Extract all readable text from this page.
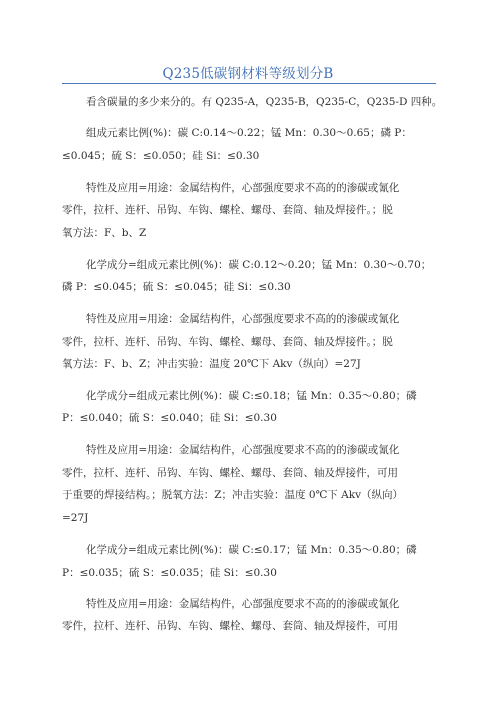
Q235低碳钢材料等级划分B
看含碳量的多少来分的。有 Q235-A，Q235-B，Q235-C，Q235-D 四种。
组成元素比例(%)：碳 C:0.14～0.22；锰 Mn：0.30～0.65；磷 P：
≤0.045；硫 S：≤0.050；硅 Si：≤0.30
特性及应用=用途：金属结构件，心部强度要求不高的的渗碳或氰化
零件，拉杆、连杆、吊钩、车钩、螺栓、螺母、套筒、轴及焊接件。；脱
氧方法：F、b、Z
化学成分=组成元素比例(%)：碳 C:0.12～0.20；锰 Mn：0.30～0.70；
磷 P：≤0.045；硫 S：≤0.045；硅 Si：≤0.30
特性及应用=用途：金属结构件，心部强度要求不高的的渗碳或氰化
零件，拉杆、连杆、吊钩、车钩、螺栓、螺母、套筒、轴及焊接件。；脱
氧方法：F、b、Z；冲击实验：温度 20℃下 Akv（纵向）=27J
化学成分=组成元素比例(%)：碳 C:≤0.18；锰 Mn：0.35～0.80；磷
P：≤0.040；硫 S：≤0.040；硅 Si：≤0.30
特性及应用=用途：金属结构件，心部强度要求不高的的渗碳或氰化
零件，拉杆、连杆、吊钩、车钩、螺栓、螺母、套筒、轴及焊接件，可用
于重要的焊接结构。；脱氧方法：Z；冲击实验：温度 0℃下 Akv（纵向）
=27J
化学成分=组成元素比例(%)：碳 C:≤0.17；锰 Mn：0.35～0.80；磷
P：≤0.035；硫 S：≤0.035；硅 Si：≤0.30
特性及应用=用途：金属结构件，心部强度要求不高的的渗碳或氰化
零件，拉杆、连杆、吊钩、车钩、螺栓、螺母、套筒、轴及焊接件，可用
